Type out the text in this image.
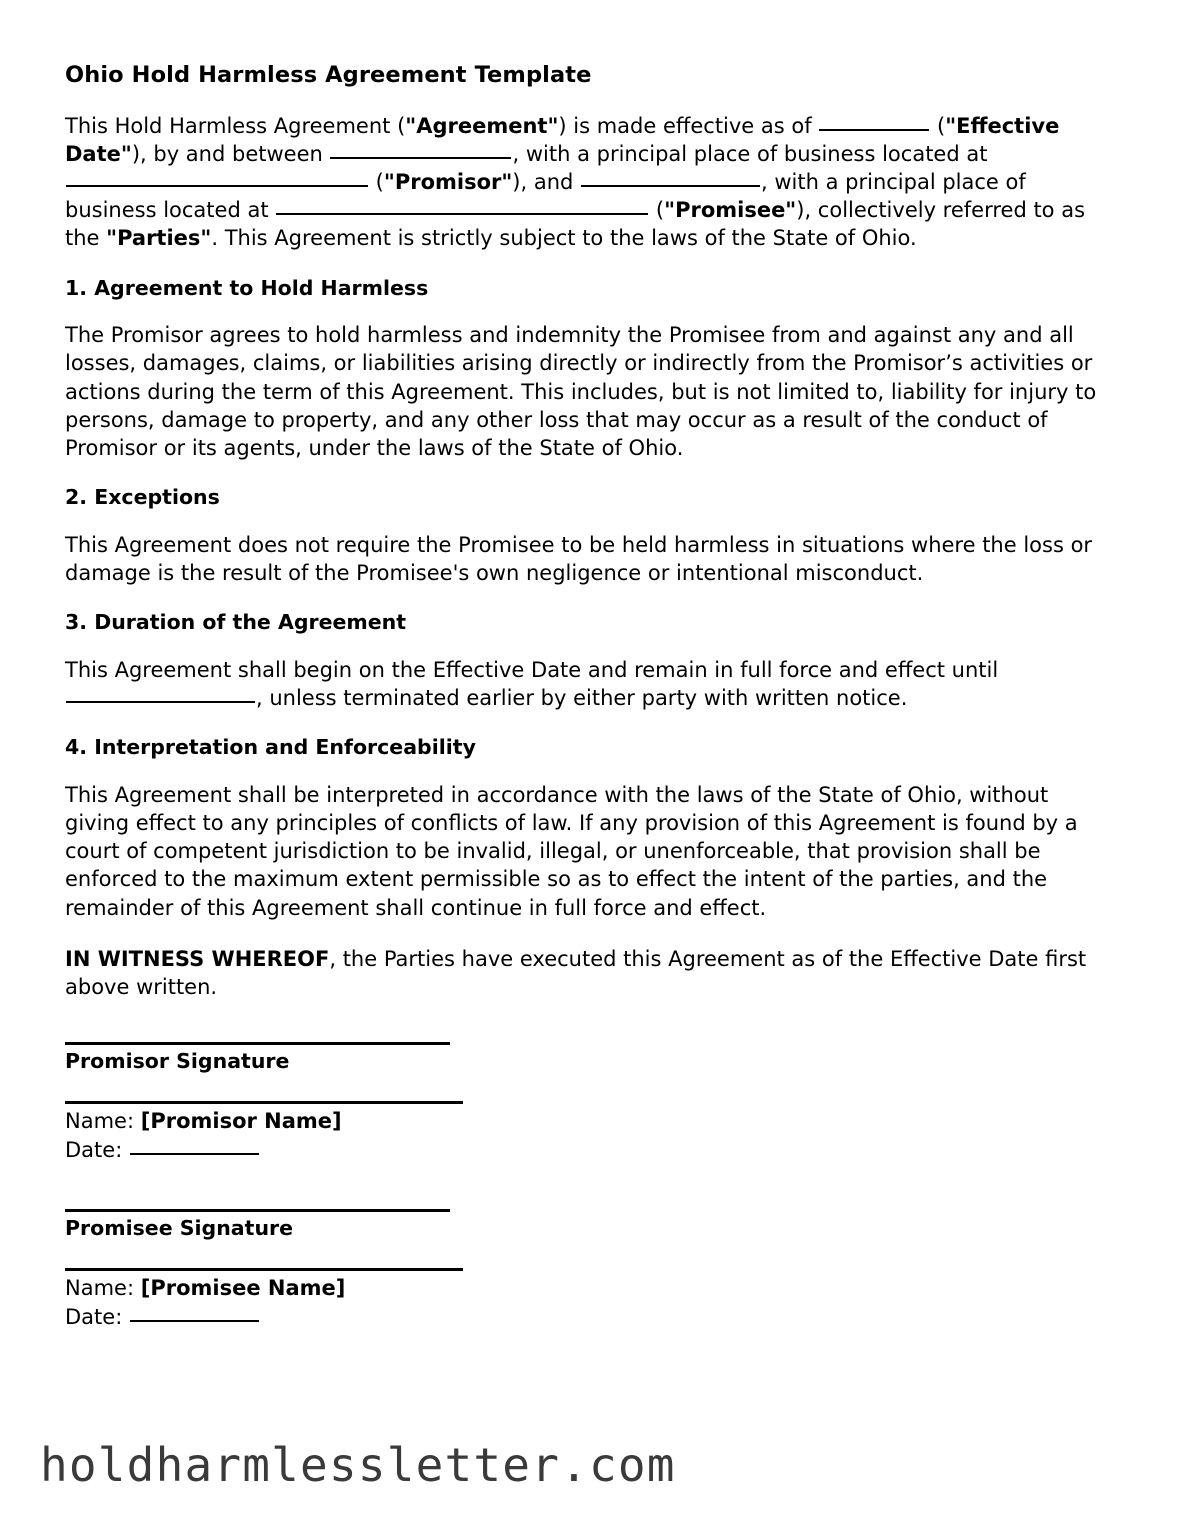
Ohio Hold Harmless Agreement Template

This Hold Harmless Agreement ("Agreement") is made effective as of	("Effective Date"), by and between	, with a principal place of business located at  ("Promisor"), and	, with a principal place of business located at	("Promisee"), collectively referred to as the "Parties". This Agreement is strictly subject to the laws of the State of Ohio.

1. Agreement to Hold Harmless

The Promisor agrees to hold harmless and indemnity the Promisee from and against any and all losses, damages, claims, or liabilities arising directly or indirectly from the Promisor’s activities or actions during the term of this Agreement. This includes, but is not limited to, liability for injury to persons, damage to property, and any other loss that may occur as a result of the conduct of Promisor or its agents, under the laws of the State of Ohio.

2. Exceptions

This Agreement does not require the Promisee to be held harmless in situations where the loss or damage is the result of the Promisee's own negligence or intentional misconduct.

3. Duration of the Agreement

This Agreement shall begin on the Effective Date and remain in full force and effect until , unless terminated earlier by either party with written notice.

4. Interpretation and Enforceability

This Agreement shall be interpreted in accordance with the laws of the State of Ohio, without giving effect to any principles of conflicts of law. If any provision of this Agreement is found by a court of competent jurisdiction to be invalid, illegal, or unenforceable, that provision shall be enforced to the maximum extent permissible so as to effect the intent of the parties, and the remainder of this Agreement shall continue in full force and effect.

IN WITNESS WHEREOF, the Parties have executed this Agreement as of the Effective Date first above written.

Promisor Signature
Name: [Promisor Name]
Date:
Promisee Signature
Name: [Promisee Name]
Date:
holdharmlessletter.com
